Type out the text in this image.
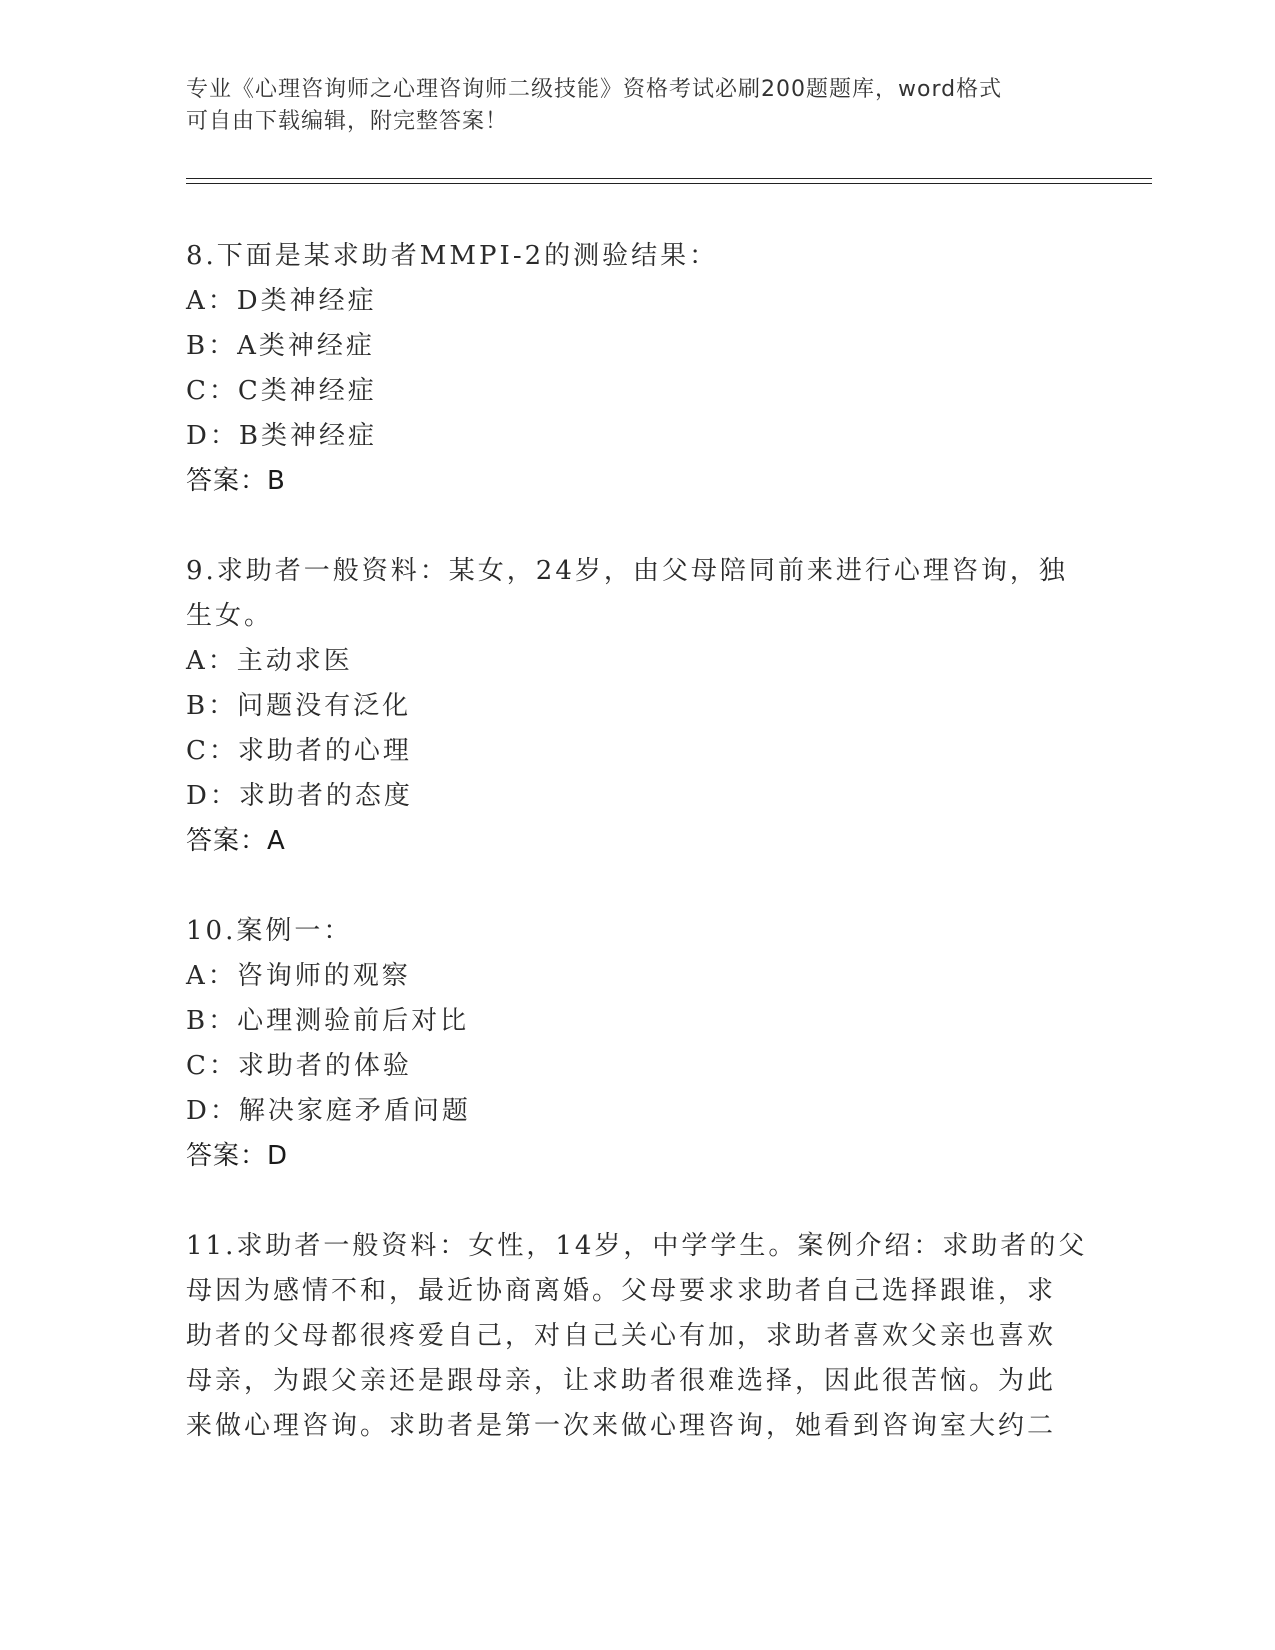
专业《心理咨询师之心理咨询师二级技能》资格考试必刷200题题库，word格式
可自由下载编辑，附完整答案！
8.下面是某求助者MMPI-2的测验结果：
A：D类神经症
B：A类神经症
C：C类神经症
D：B类神经症
答案：B
9.求助者一般资料：某女，24岁，由父母陪同前来进行心理咨询，独
生女。
A：主动求医
B：问题没有泛化
C：求助者的心理
D：求助者的态度
答案：A
10.案例一：
A：咨询师的观察
B：心理测验前后对比
C：求助者的体验
D：解决家庭矛盾问题
答案：D
11.求助者一般资料：女性，14岁，中学学生。案例介绍：求助者的父
母因为感情不和，最近协商离婚。父母要求求助者自己选择跟谁，求
助者的父母都很疼爱自己，对自己关心有加，求助者喜欢父亲也喜欢
母亲，为跟父亲还是跟母亲，让求助者很难选择，因此很苦恼。为此
来做心理咨询。求助者是第一次来做心理咨询，她看到咨询室大约二
